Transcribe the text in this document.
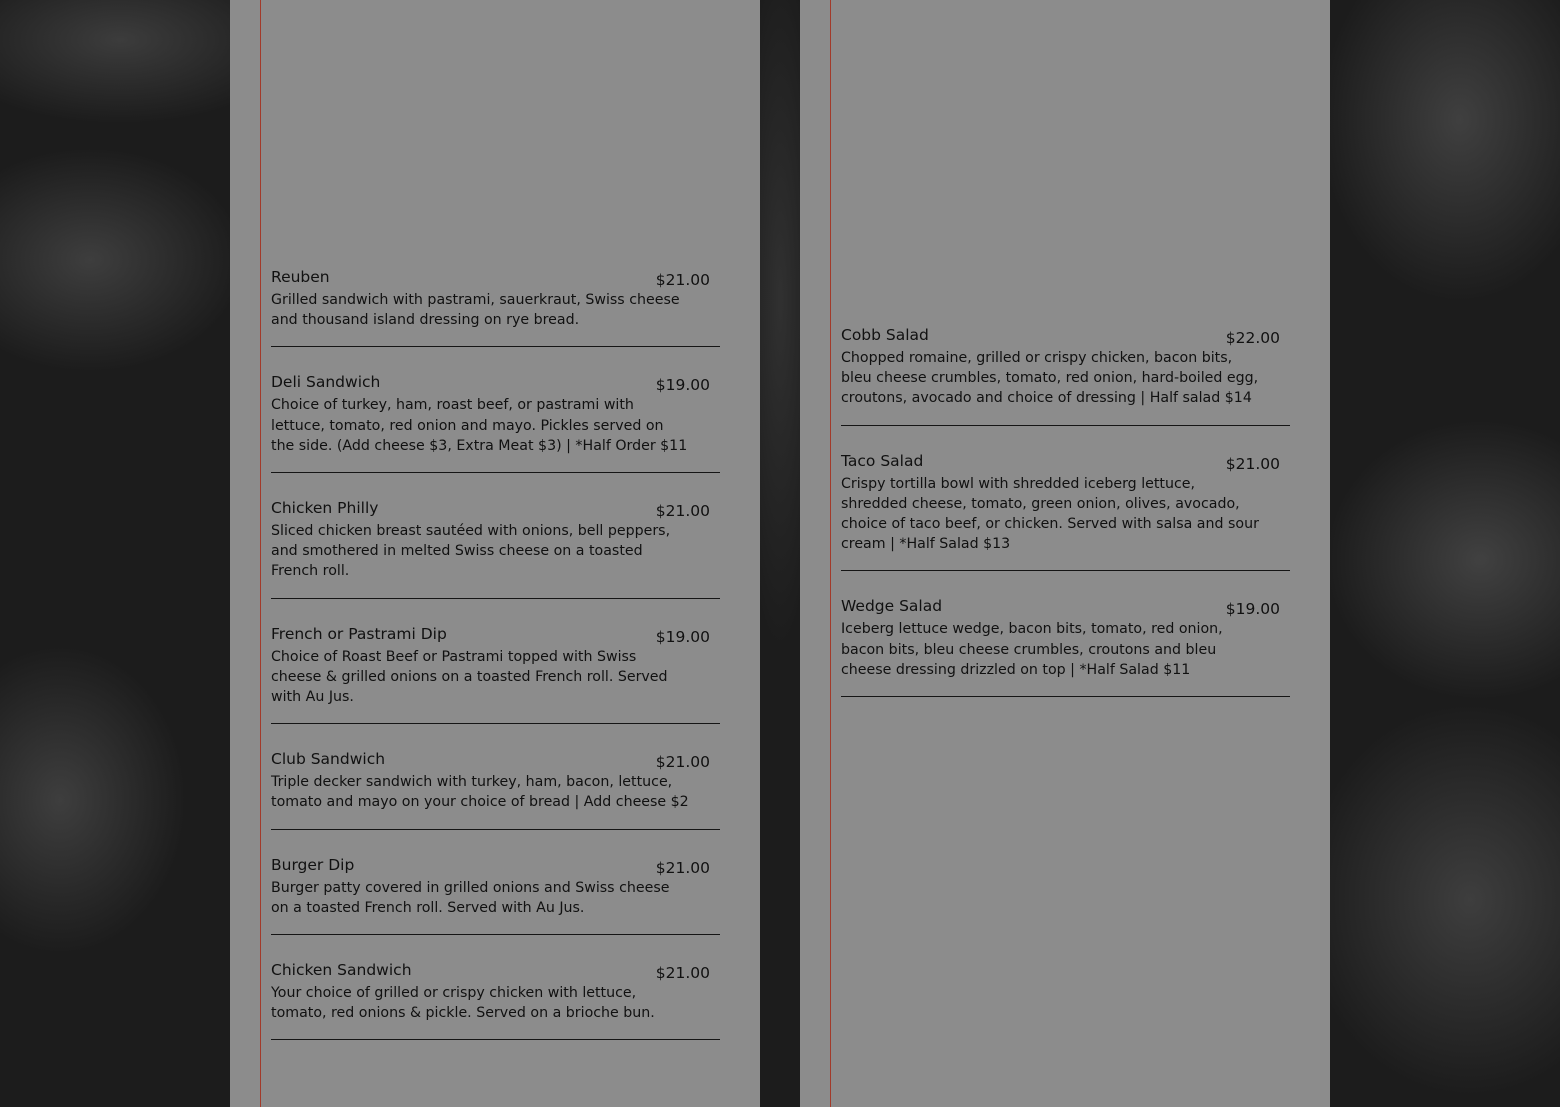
Reuben	$21.00
Grilled sandwich with pastrami, sauerkraut, Swiss cheese and thousand island dressing on rye bread.
Deli Sandwich	$19.00
Choice of turkey, ham, roast beef, or pastrami with lettuce, tomato, red onion and mayo. Pickles served on the side. (Add cheese $3, Extra Meat $3) | *Half Order $11
Chicken Philly	$21.00
Sliced chicken breast sautéed with onions, bell peppers, and smothered in melted Swiss cheese on a toasted French roll.
French or Pastrami Dip	$19.00
Choice of Roast Beef or Pastrami topped with Swiss cheese & grilled onions on a toasted French roll. Served with Au Jus.
Club Sandwich	$21.00
Triple decker sandwich with turkey, ham, bacon, lettuce, tomato and mayo on your choice of bread | Add cheese $2
Burger Dip	$21.00
Burger patty covered in grilled onions and Swiss cheese on a toasted French roll. Served with Au Jus.
Chicken Sandwich	$21.00
Your choice of grilled or crispy chicken with lettuce, tomato, red onions & pickle. Served on a brioche bun.
Cobb Salad	$22.00
Chopped romaine, grilled or crispy chicken, bacon bits, bleu cheese crumbles, tomato, red onion, hard-boiled egg, croutons, avocado and choice of dressing | Half salad $14
Taco Salad	$21.00
Crispy tortilla bowl with shredded iceberg lettuce, shredded cheese, tomato, green onion, olives, avocado, choice of taco beef, or chicken. Served with salsa and sour cream | *Half Salad $13
Wedge Salad	$19.00
Iceberg lettuce wedge, bacon bits, tomato, red onion, bacon bits, bleu cheese crumbles, croutons and bleu cheese dressing drizzled on top | *Half Salad $11
